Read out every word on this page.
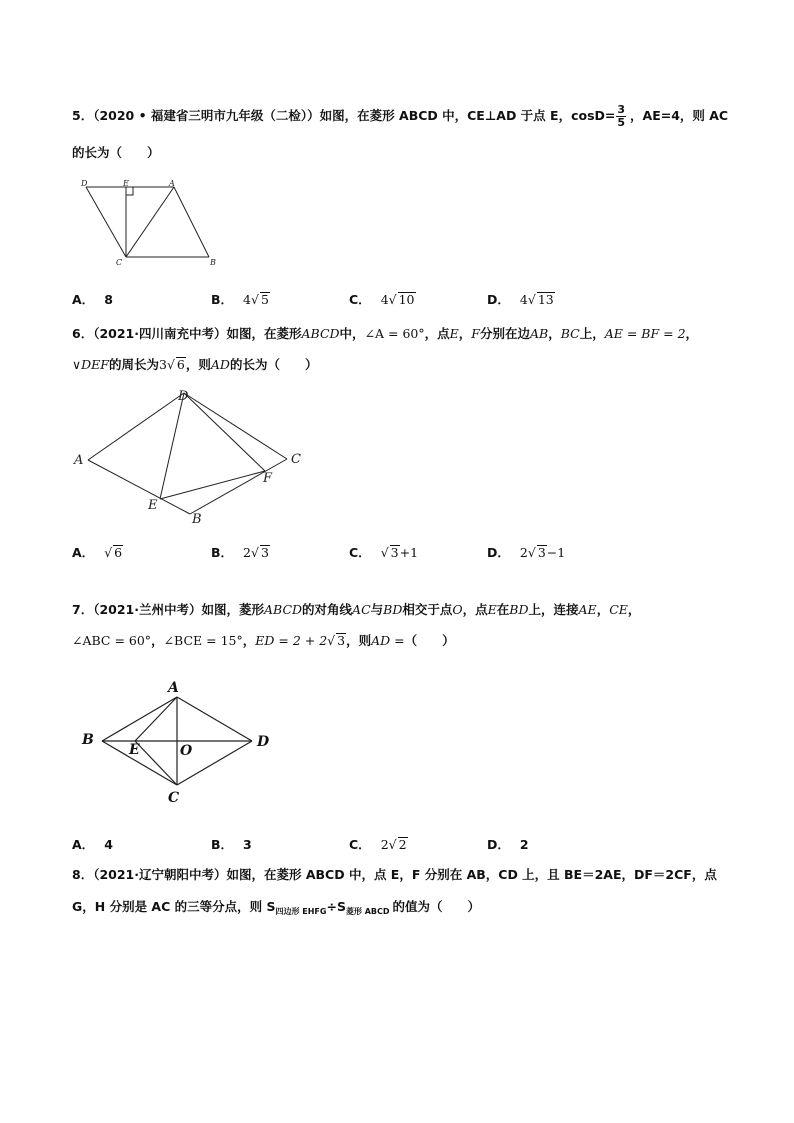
5．（2020 • 福建省三明市九年级（二检））如图，在菱形 ABCD 中，CE⊥AD 于点 E，$\cos D= \frac{3}{5}$ ，AE=4，则 AC
的长为（　　）
D	E	A
C	B
A． 8	B． 4√ 5	C． 4√ 10	D． 4√ 13
6．（2021·四川南充中考）如图，在菱形ABCD中，∠A = 60°，点E，F分别在边AB，BC上，AE = BF = 2，
∨DEF的周长为3√ 6，则AD的长为（　　）
D
A	C
F
E
B
A． √ 6	B． 2√ 3	C． √ 3+1	D． 2√ 3−1
7．（2021·兰州中考）如图，菱形ABCD的对角线AC与BD相交于点O，点E在BD上，连接AE，CE，
∠ABC = 60°，∠BCE = 15°，ED = 2 + 2√ 3，则AD =（　　）
A
B
E	O
D
C
A． 4	B． 3	C． 2√ 2	D． 2
8．（2021·辽宁朝阳中考）如图，在菱形 ABCD 中，点 E，F 分别在 AB，CD 上，且 BE＝2AE，DF＝2CF，点
G，H 分别是 AC 的三等分点，则 $S_{四边形 EHFG}\div S_{菱形 ABCD}$ 的值为（　　）
